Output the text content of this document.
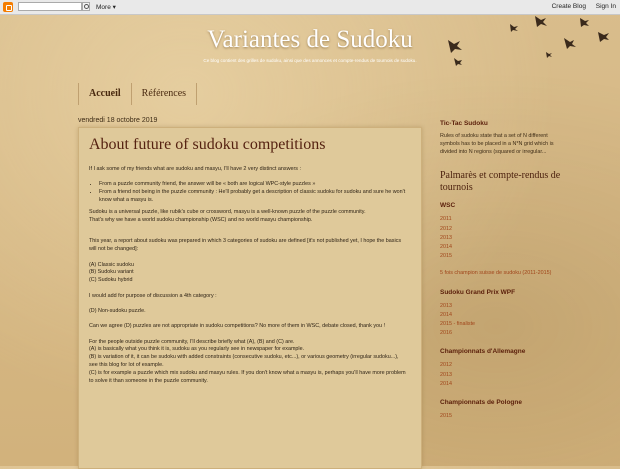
More ▾	Create Blog Sign In
Variantes de Sudoku
Ce blog contient des grilles de sudoku, ainsi que des annonces et compte-rendus de tournois de sudoku.
Accueil	Références
vendredi 18 octobre 2019
About future of sudoku competitions

If I ask some of my friends what are sudoku and masyu, I'll have 2 very distinct answers :

• From a puzzle community friend, the answer will be « both are logical WPC-style puzzles »
• From a friend not being in the puzzle community : He'll probably get a description of classic sudoku for sudoku and sure he won't know what a masyu is.
Sudoku is a universal puzzle, like rubik's cube or crossword, masyu is a well-known puzzle of the puzzle community.
That's why we have a world sudoku championship (WSC) and no world masyu championship.

This year, a report about sudoku was prepared in which 3 categories of sudoku are defined [it's not published yet, I hope the basics will not be changed]:

(A) Classic sudoku
(B) Sudoku variant
(C) Sudoku hybrid

I would add for purpose of discussion a 4th category :

(D) Non-sudoku puzzle.

Can we agree (D) puzzles are not appropriate in sudoku competitions? No more of them in WSC, debate closed, thank you !

For the people outside puzzle community, I'll describe briefly what (A), (B) and (C) are.
(A) is basically what you think it is, sudoku as you regularly see in newspaper for example.
(B) is variation of it, it can be sudoku with added constraints (consecutive sudoku, etc...), or various geometry (irregular sudoku...), see this blog for lot of example.
(C) is for example a puzzle which mix sudoku and masyu rules. If you don't know what a masyu is, perhaps you'll have more problem to solve it than someone in the puzzle community.
Tic-Tac Sudoku
Rules of sudoku state that a set of N different symbols has to be placed in a N*N grid which is divided into N regions (squared or irregular...
Palmarès et compte-rendus de tournois
WSC
2011
2012
2013
2014
2015
5 fois champion suisse de sudoku (2011-2015)
Sudoku Grand Prix WPF
2013
2014
2015 - finaliste
2016
Championnats d'Allemagne
2012
2013
2014
Championnats de Pologne
2015
